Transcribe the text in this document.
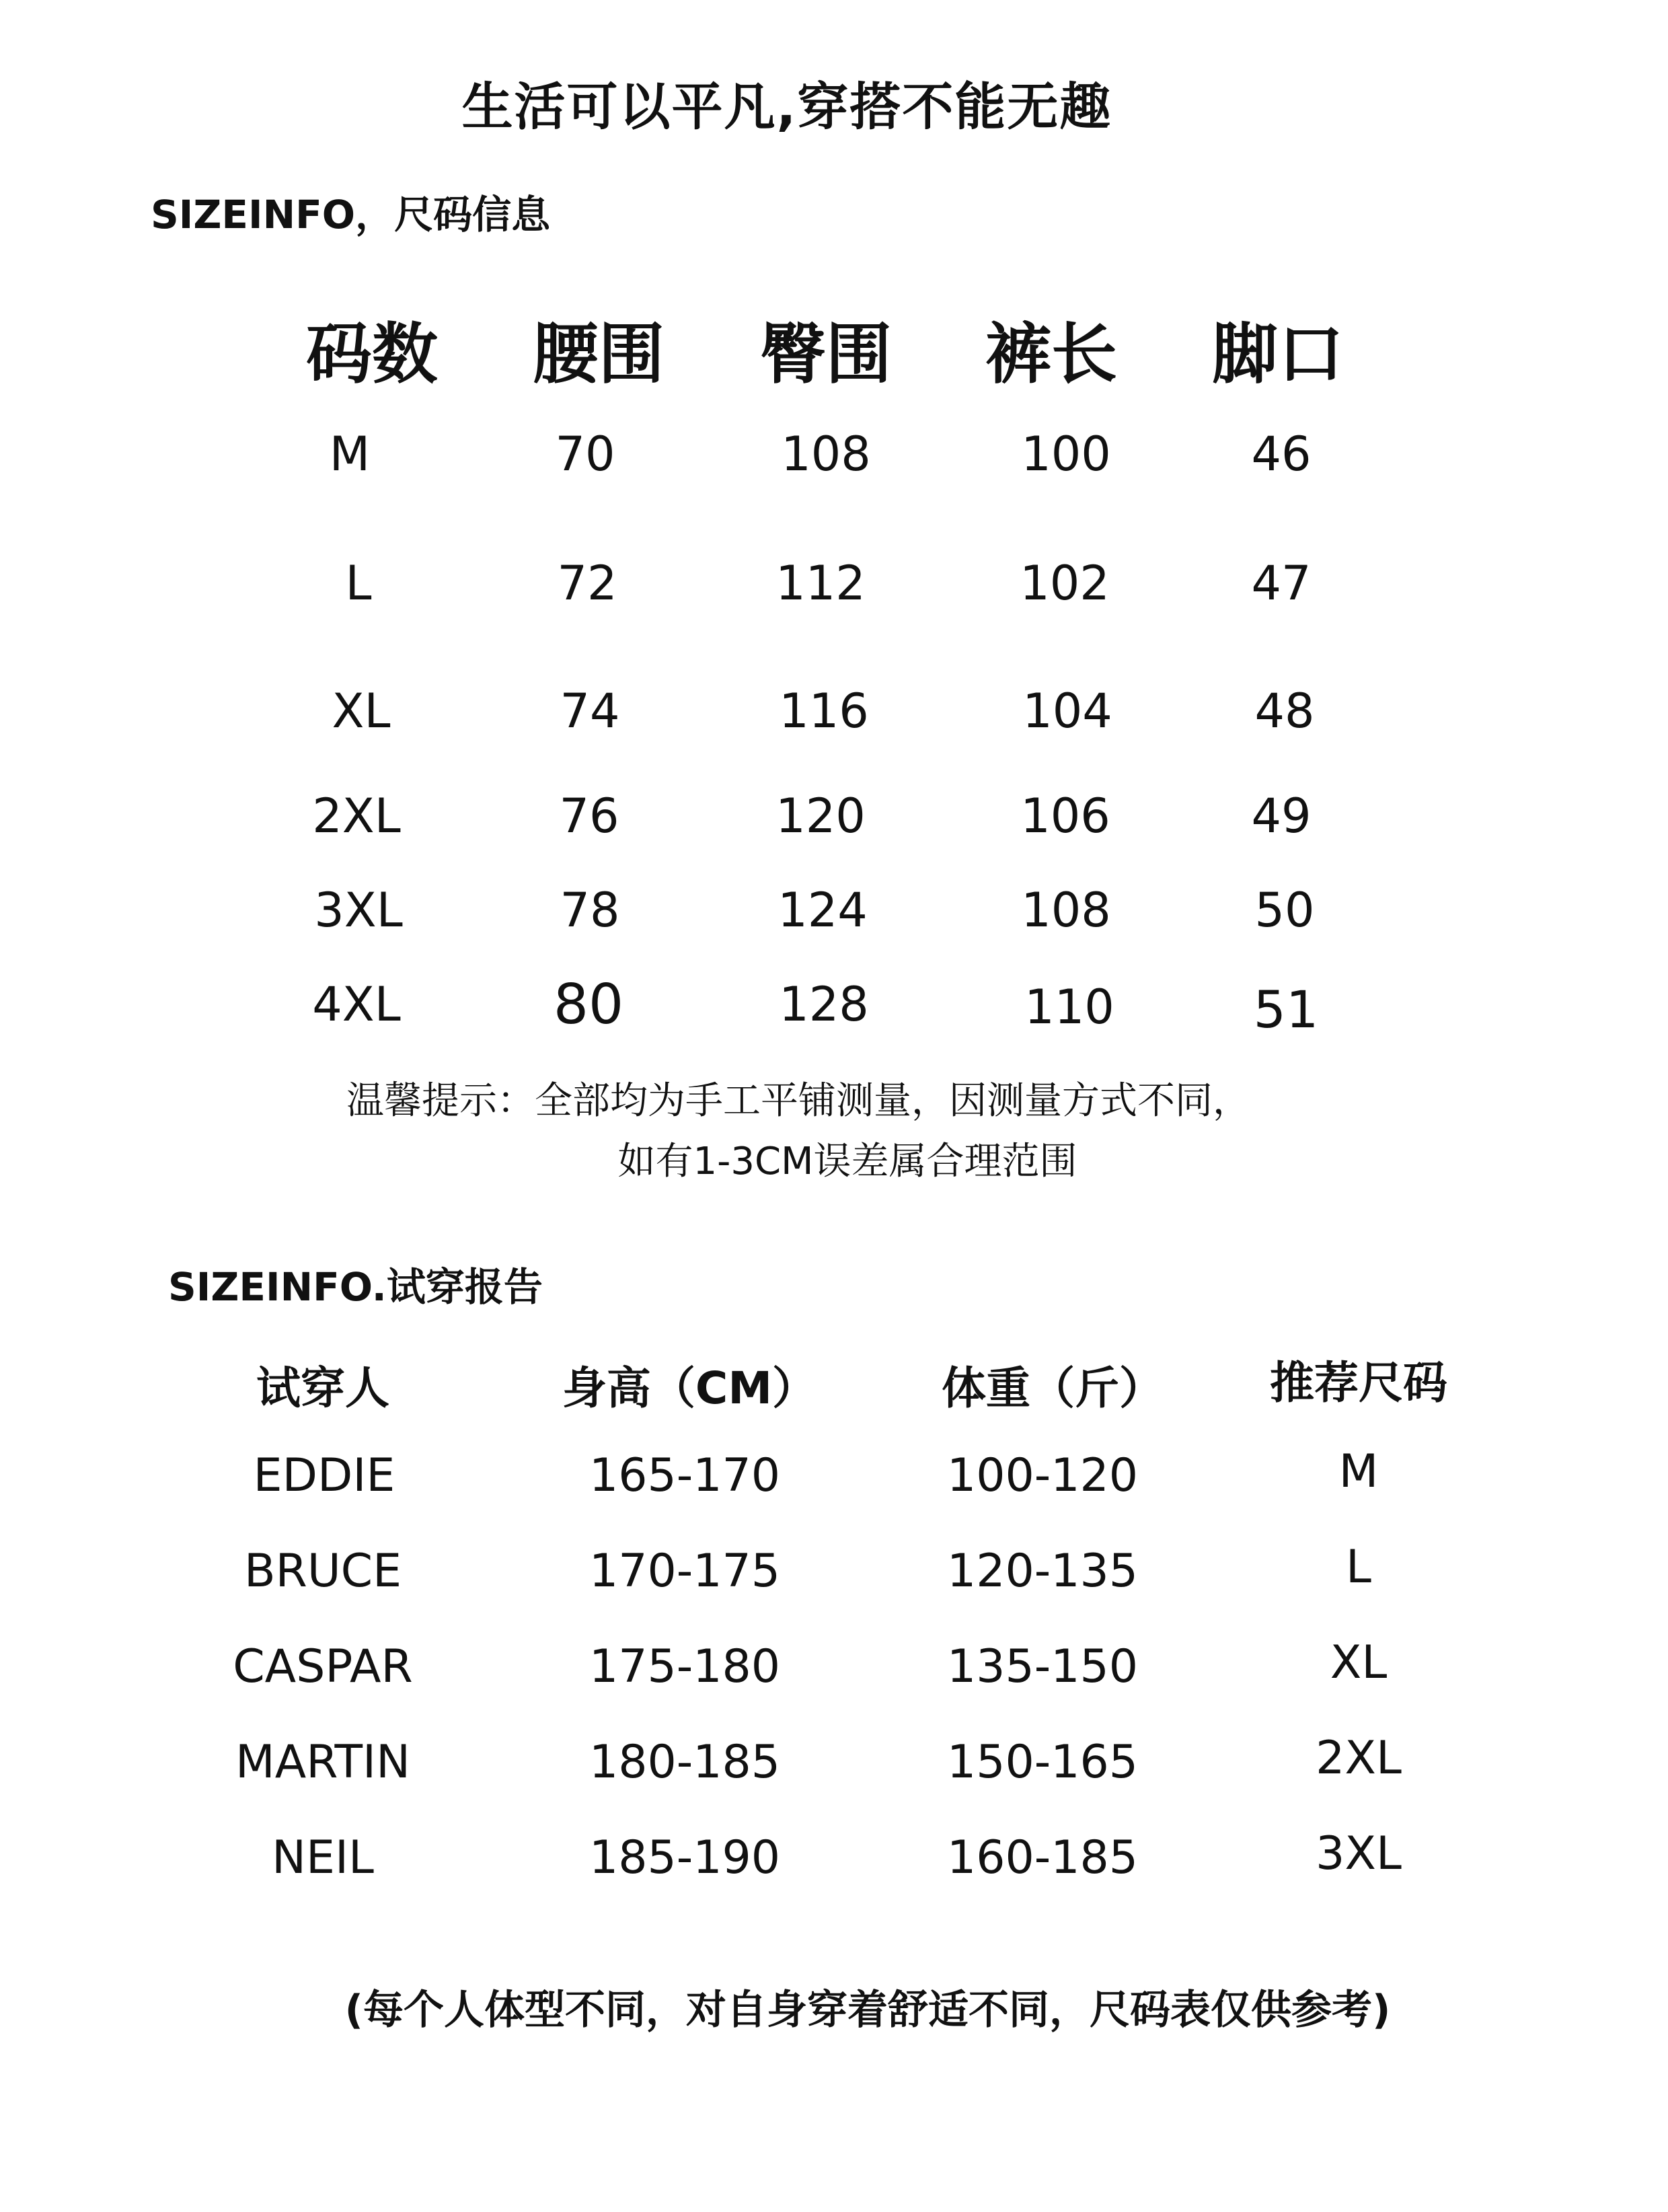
生活可以平凡,穿搭不能无趣
SIZEINFO，尺码信息
码数 腰围 臀围 裤长 脚口
M	70	108	100	46
L	72	112	102	47
XL	74	116	104	48
2XL	76	120	106	49
3XL	78	124	108	50
4XL	80	128	110	51
温馨提示：全部均为手工平铺测量，因测量方式不同，
如有1-3CM误差属合理范围
SIZEINFO.试穿报告
试穿人	身高（CM）	体重（斤） 推荐尺码
EDDIE	165-170	100-120	M
BRUCE	170-175	120-135	L
CASPAR	175-180	135-150	XL
MARTIN	180-185	150-165	2XL
NEIL	185-190	160-185	3XL
(每个人体型不同，对自身穿着舒适不同，尺码表仅供参考)
